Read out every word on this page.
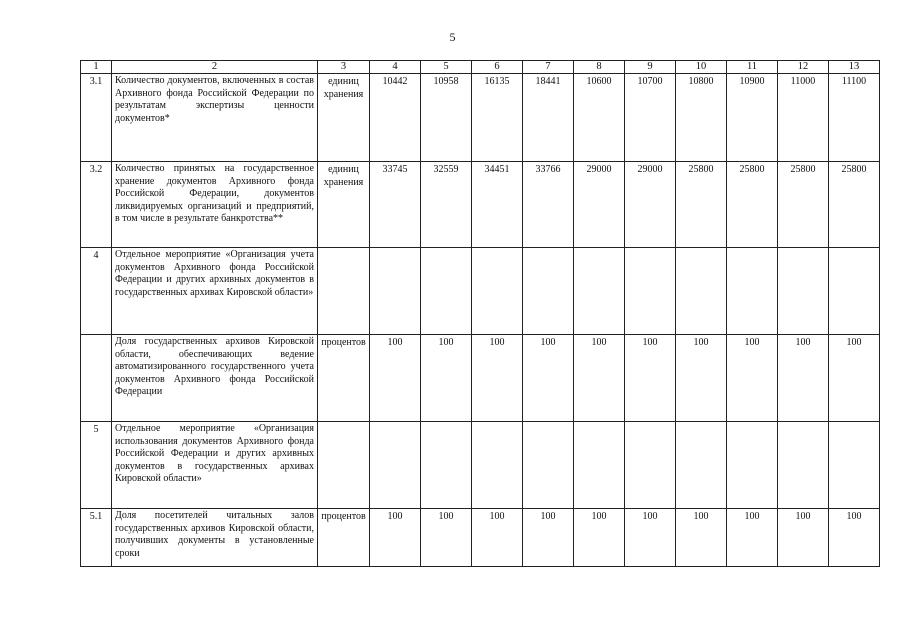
5
1	2	3	4	5	6	7	8	9	10	11	12	13
3.1	Количество документов, включенных в состав Архивного фонда Российской Федерации по результатам экспертизы ценности документов*	единиц хранения	10442	10958	16135	18441	10600	10700	10800	10900	11000	11100
3.2	Количество принятых на государственное хранение документов Архивного фонда Российской Федерации, документов ликвидируемых организаций и предприятий, в том числе в результате банкротства**	единиц хранения	33745	32559	34451	33766	29000	29000	25800	25800	25800	25800
4	Отдельное мероприятие «Организация учета документов Архивного фонда Российской Федерации и других архивных документов в государственных архивах Кировской области»											
	Доля государственных архивов Кировской области, обеспечивающих ведение автоматизированного государственного учета документов Архивного фонда Российской Федерации	процентов	100	100	100	100	100	100	100	100	100	100
5	Отдельное мероприятие «Организация использования документов Архивного фонда Российской Федерации и других архивных документов в государственных архивах Кировской области»											
5.1	Доля посетителей читальных залов государственных архивов Кировской области, получивших документы в установленные сроки	процентов	100	100	100	100	100	100	100	100	100	100
